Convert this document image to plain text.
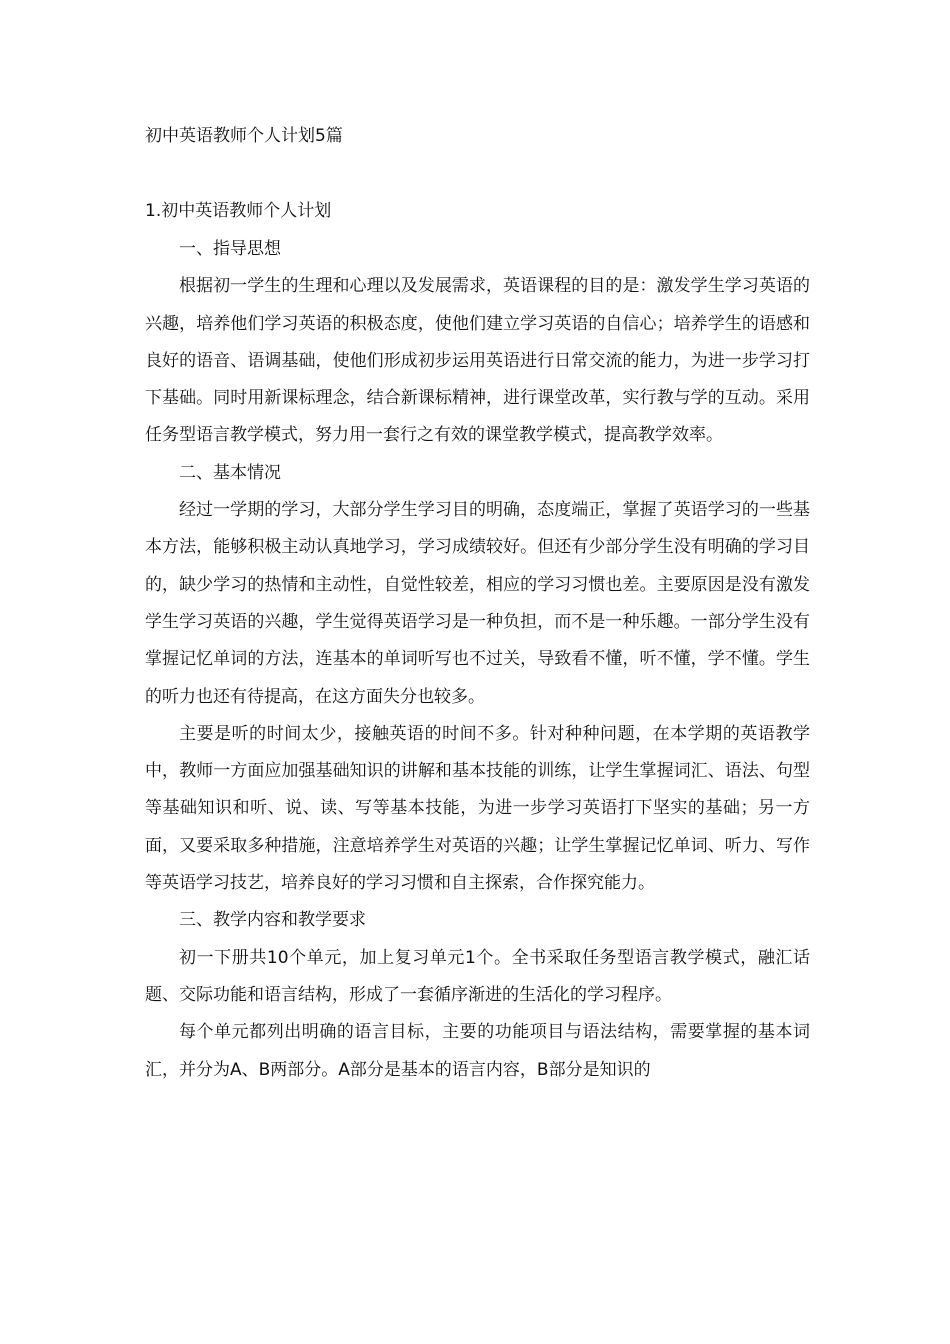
初中英语教师个人计划5篇
1.初中英语教师个人计划

一、指导思想

根据初一学生的生理和心理以及发展需求，英语课程的目的是：激发学生学习英语的兴趣，培养他们学习英语的积极态度，使他们建立学习英语的自信心；培养学生的语感和良好的语音、语调基础，使他们形成初步运用英语进行日常交流的能力，为进一步学习打下基础。同时用新课标理念，结合新课标精神，进行课堂改革，实行教与学的互动。采用任务型语言教学模式，努力用一套行之有效的课堂教学模式，提高教学效率。

二、基本情况

经过一学期的学习，大部分学生学习目的明确，态度端正，掌握了英语学习的一些基本方法，能够积极主动认真地学习，学习成绩较好。但还有少部分学生没有明确的学习目的，缺少学习的热情和主动性，自觉性较差，相应的学习习惯也差。主要原因是没有激发学生学习英语的兴趣，学生觉得英语学习是一种负担，而不是一种乐趣。一部分学生没有掌握记忆单词的方法，连基本的单词听写也不过关，导致看不懂，听不懂，学不懂。学生的听力也还有待提高，在这方面失分也较多。

主要是听的时间太少，接触英语的时间不多。针对种种问题，在本学期的英语教学中，教师一方面应加强基础知识的讲解和基本技能的训练，让学生掌握词汇、语法、句型等基础知识和听、说、读、写等基本技能，为进一步学习英语打下坚实的基础；另一方面，又要采取多种措施，注意培养学生对英语的兴趣；让学生掌握记忆单词、听力、写作等英语学习技艺，培养良好的学习习惯和自主探索，合作探究能力。

三、教学内容和教学要求

初一下册共10个单元，加上复习单元1个。全书采取任务型语言教学模式，融汇话题、交际功能和语言结构，形成了一套循序渐进的生活化的学习程序。

每个单元都列出明确的语言目标，主要的功能项目与语法结构，需要掌握的基本词汇，并分为A、B两部分。A部分是基本的语言内容，B部分是知识的
